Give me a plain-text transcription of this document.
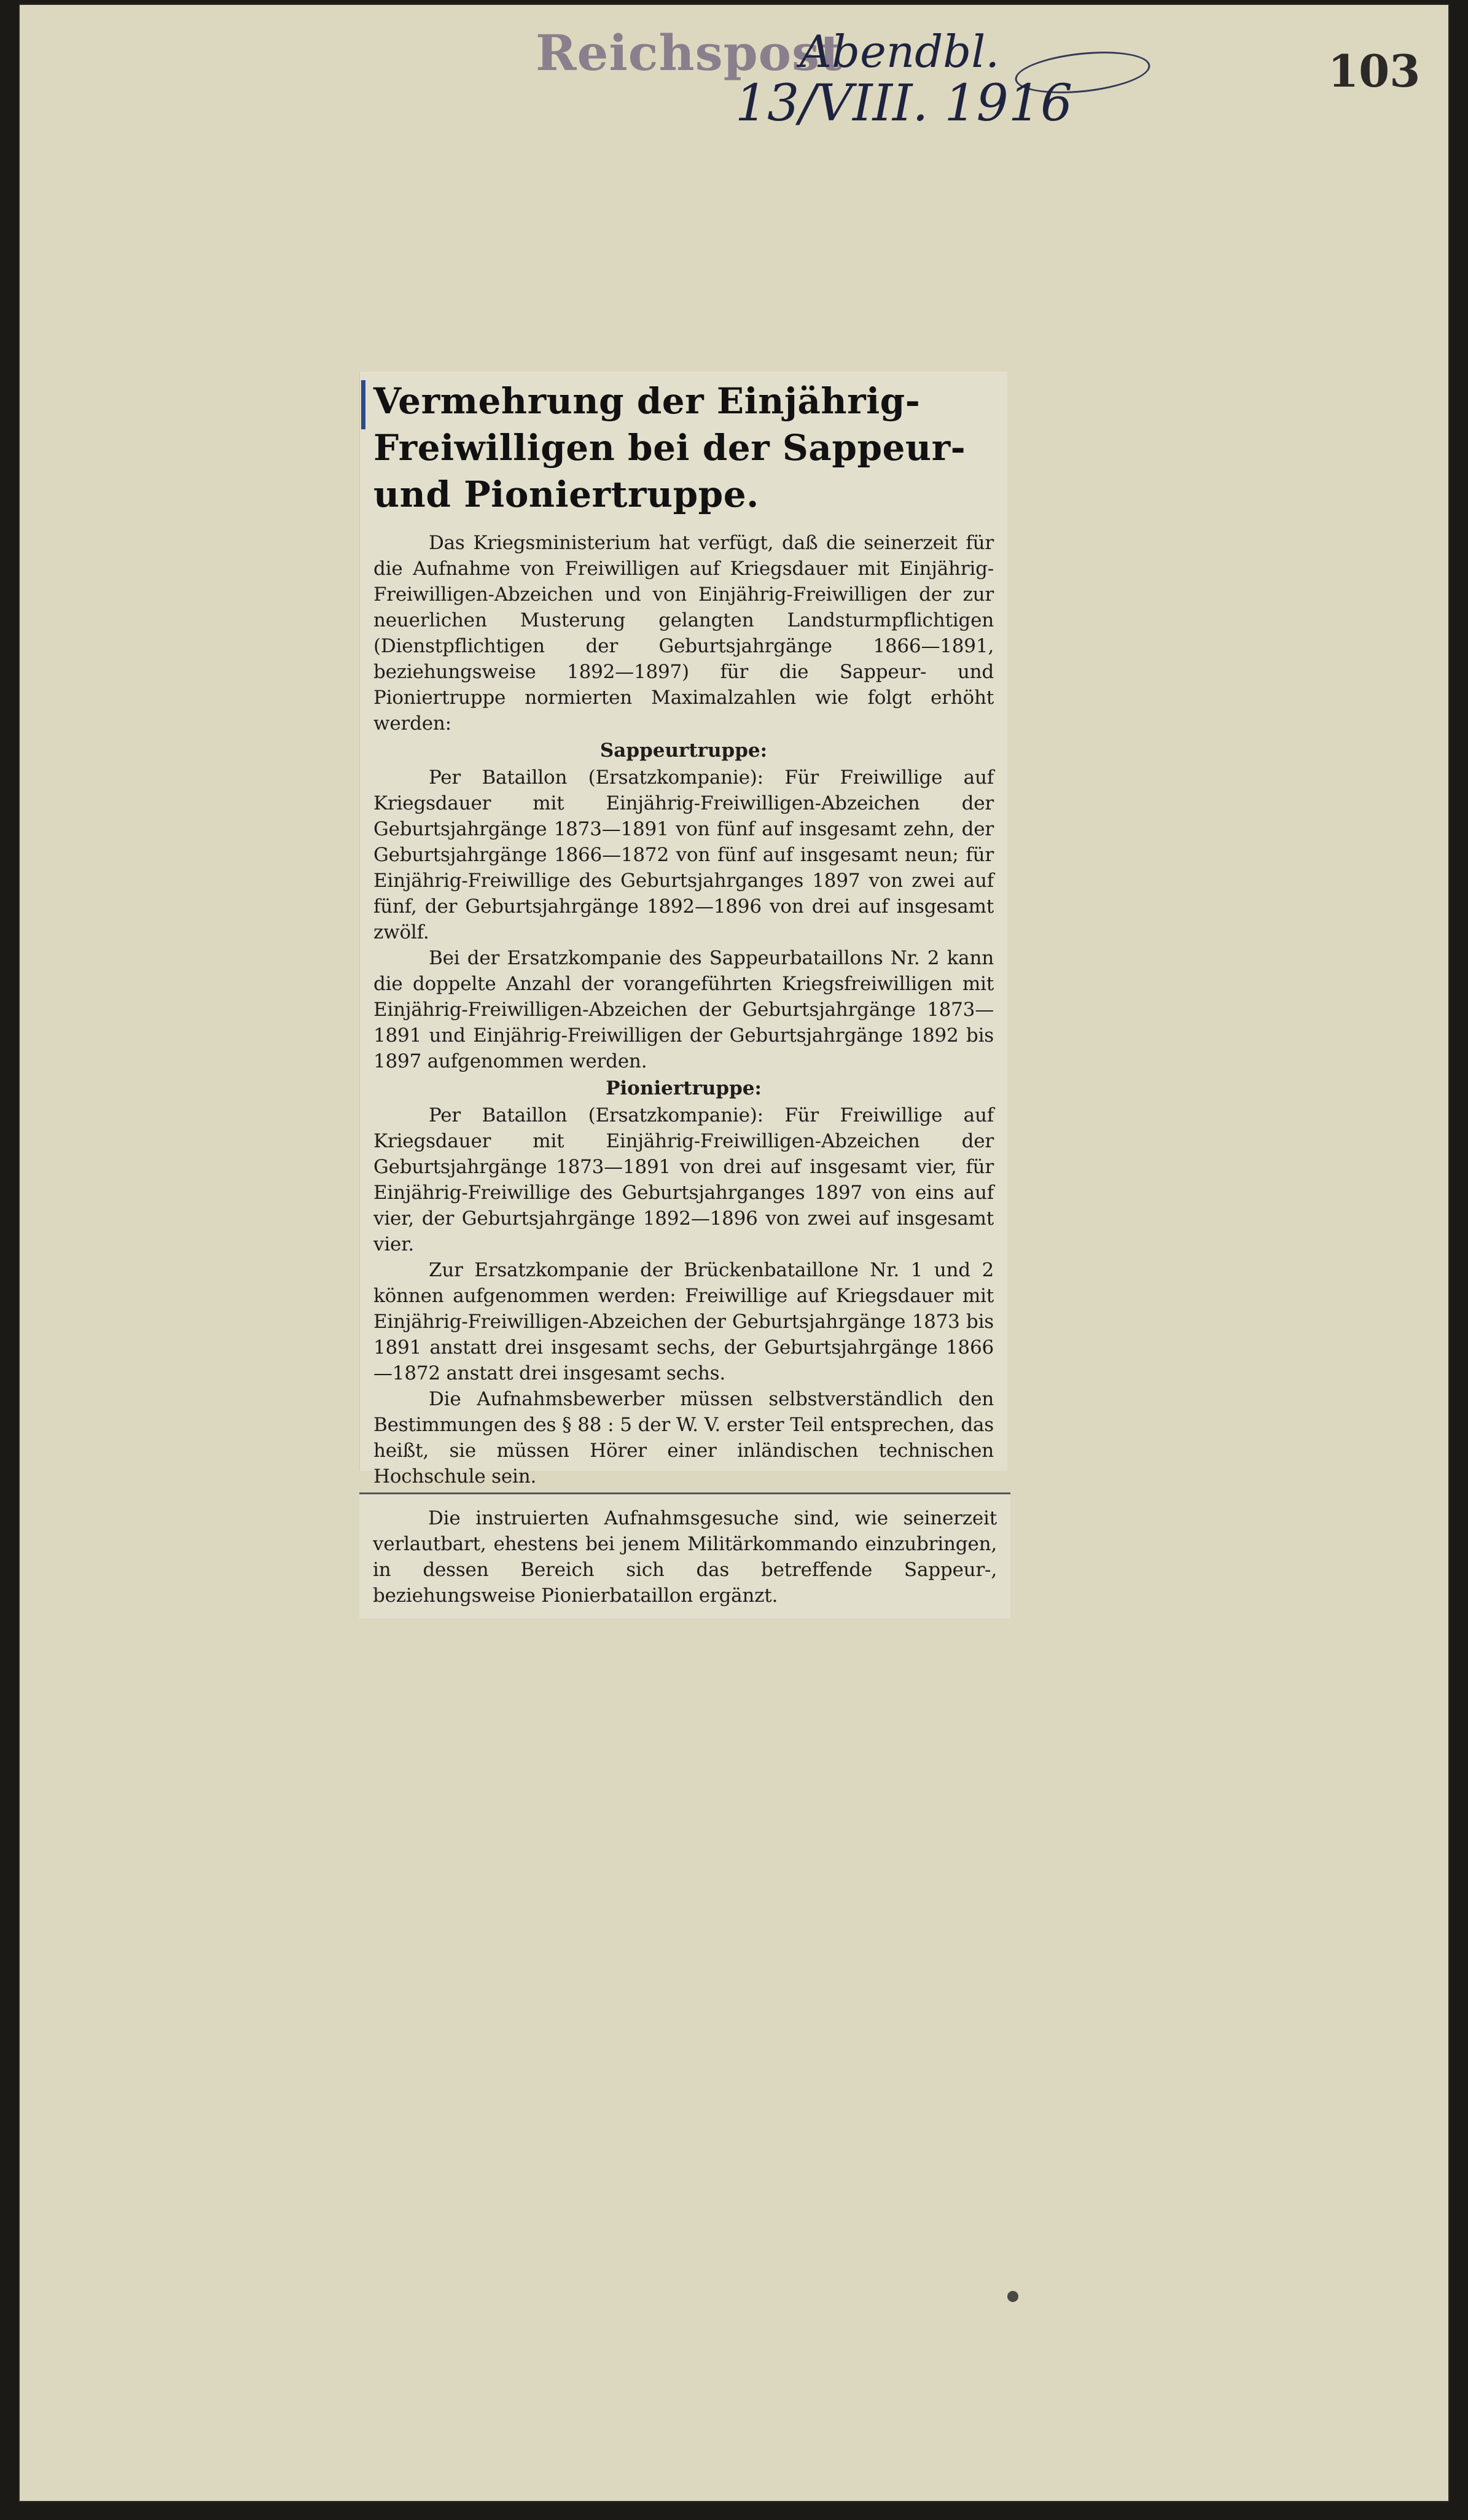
Reichspost
Abendbl.
13/VIII. 1916
103
Vermehrung der Einjährig-
Freiwilligen bei der Sappeur-
und Pioniertruppe.

Das Kriegsministerium hat verfügt, daß die seinerzeit für die Aufnahme von Freiwilligen auf Kriegsdauer mit Einjährig-Freiwilligen-Abzeichen und von Einjährig-Freiwilligen der zur neuerlichen Musterung gelangten Landsturmpflichtigen (Dienstpflichtigen der Geburtsjahrgänge 1866—1891, beziehungsweise 1892—1897) für die Sappeur- und Pioniertruppe normierten Maximalzahlen wie folgt erhöht werden:

Sappeurtruppe:

Per Bataillon (Ersatzkompanie): Für Freiwillige auf Kriegsdauer mit Einjährig-Freiwilligen-Abzeichen der Geburtsjahrgänge 1873—1891 von fünf auf insgesamt zehn, der Geburtsjahrgänge 1866—1872 von fünf auf insgesamt neun; für Einjährig-Freiwillige des Geburtsjahrganges 1897 von zwei auf fünf, der Geburtsjahrgänge 1892—1896 von drei auf insgesamt zwölf.

Bei der Ersatzkompanie des Sappeurbataillons Nr. 2 kann die doppelte Anzahl der vorangeführten Kriegsfreiwilligen mit Einjährig-Freiwilligen-Abzeichen der Geburtsjahrgänge 1873—1891 und Einjährig-Freiwilligen der Geburtsjahrgänge 1892 bis 1897 aufgenommen werden.

Pioniertruppe:

Per Bataillon (Ersatzkompanie): Für Freiwillige auf Kriegsdauer mit Einjährig-Freiwilligen-Abzeichen der Geburtsjahrgänge 1873—1891 von drei auf insgesamt vier, für Einjährig-Freiwillige des Geburtsjahrganges 1897 von eins auf vier, der Geburtsjahrgänge 1892—1896 von zwei auf insgesamt vier.

Zur Ersatzkompanie der Brückenbataillone Nr. 1 und 2 können aufgenommen werden: Freiwillige auf Kriegsdauer mit Einjährig-Freiwilligen-Abzeichen der Geburtsjahrgänge 1873 bis 1891 anstatt drei insgesamt sechs, der Geburtsjahrgänge 1866—1872 anstatt drei insgesamt sechs.

Die Aufnahmsbewerber müssen selbstverständlich den Bestimmungen des § 88 : 5 der W. V. erster Teil entsprechen, das heißt, sie müssen Hörer einer inländischen technischen Hochschule sein.

Die instruierten Aufnahmsgesuche sind, wie seinerzeit verlautbart, ehestens bei jenem Militärkommando einzubringen, in dessen Bereich sich das betreffende Sappeur-, beziehungsweise Pionierbataillon ergänzt.
